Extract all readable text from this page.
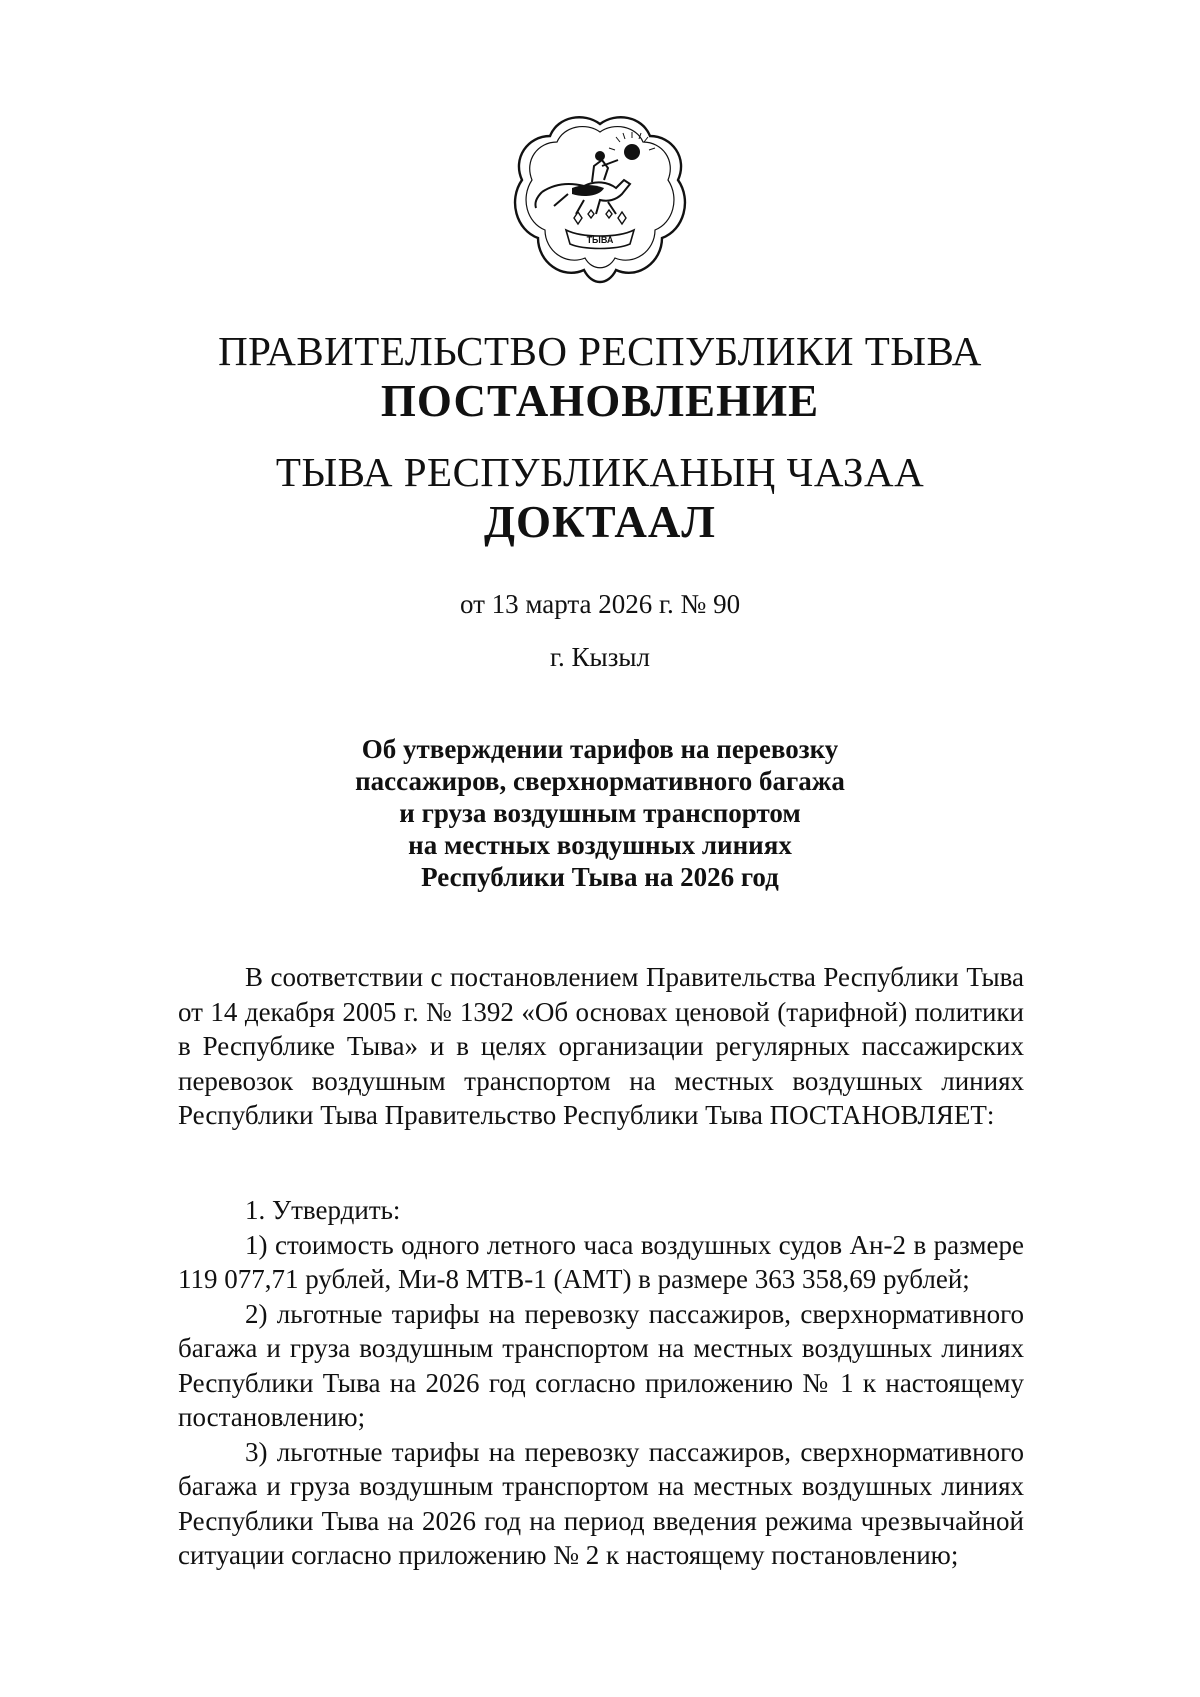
ТЫВА
ПРАВИТЕЛЬСТВО РЕСПУБЛИКИ ТЫВА
ПОСТАНОВЛЕНИЕ
ТЫВА РЕСПУБЛИКАНЫҢ ЧАЗАА
ДОКТААЛ
от 13 марта 2026 г. № 90
г. Кызыл
Об утверждении тарифов на перевозку
пассажиров, сверхнормативного багажа
и груза воздушным транспортом
на местных воздушных линиях
Республики Тыва на 2026 год

В соответствии с постановлением Правительства Республики Тыва от 14 декабря 2005 г. № 1392 «Об основах ценовой (тарифной) политики в Республике Тыва» и в целях организации регулярных пассажирских перевозок воздушным транспортом на местных воздушных линиях Республики Тыва Правительство Республики Тыва ПОСТАНОВЛЯЕТ:

1. Утвердить:

1) стоимость одного летного часа воздушных судов Ан-2 в размере 119 077,71 рублей, Ми-8 МТВ-1 (АМТ) в размере 363 358,69 рублей;

2) льготные тарифы на перевозку пассажиров, сверхнормативного багажа и груза воздушным транспортом на местных воздушных линиях Республики Тыва на 2026 год согласно приложению № 1 к настоящему постановлению;

3) льготные тарифы на перевозку пассажиров, сверхнормативного багажа и груза воздушным транспортом на местных воздушных линиях Республики Тыва на 2026 год на период введения режима чрезвычайной ситуации согласно приложению № 2 к настоящему постановлению;
